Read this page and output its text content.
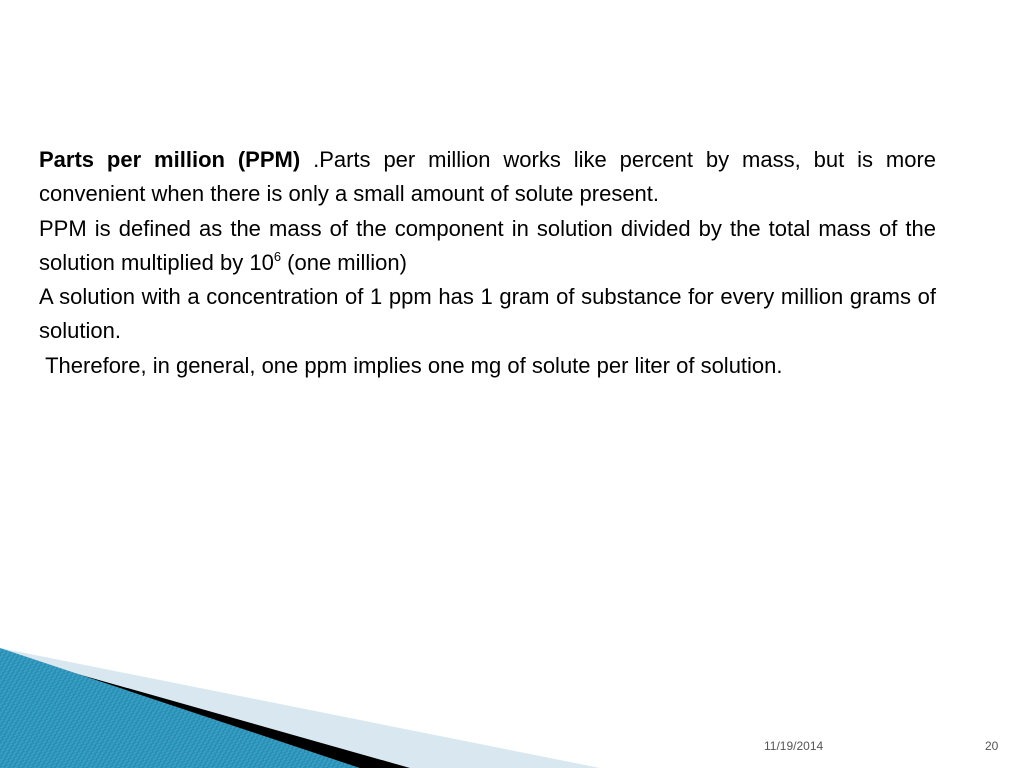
Parts per million (PPM) .Parts per million works like percent by mass, but is more convenient when there is only a small amount of solute present.

PPM is defined as the mass of the component in solution divided by the total mass of the solution multiplied by $10^6$ (one million)

A solution with a concentration of 1 ppm has 1 gram of substance for every million grams of solution.

Therefore, in general, one ppm implies one mg of solute per liter of solution.

11/19/2014	20
